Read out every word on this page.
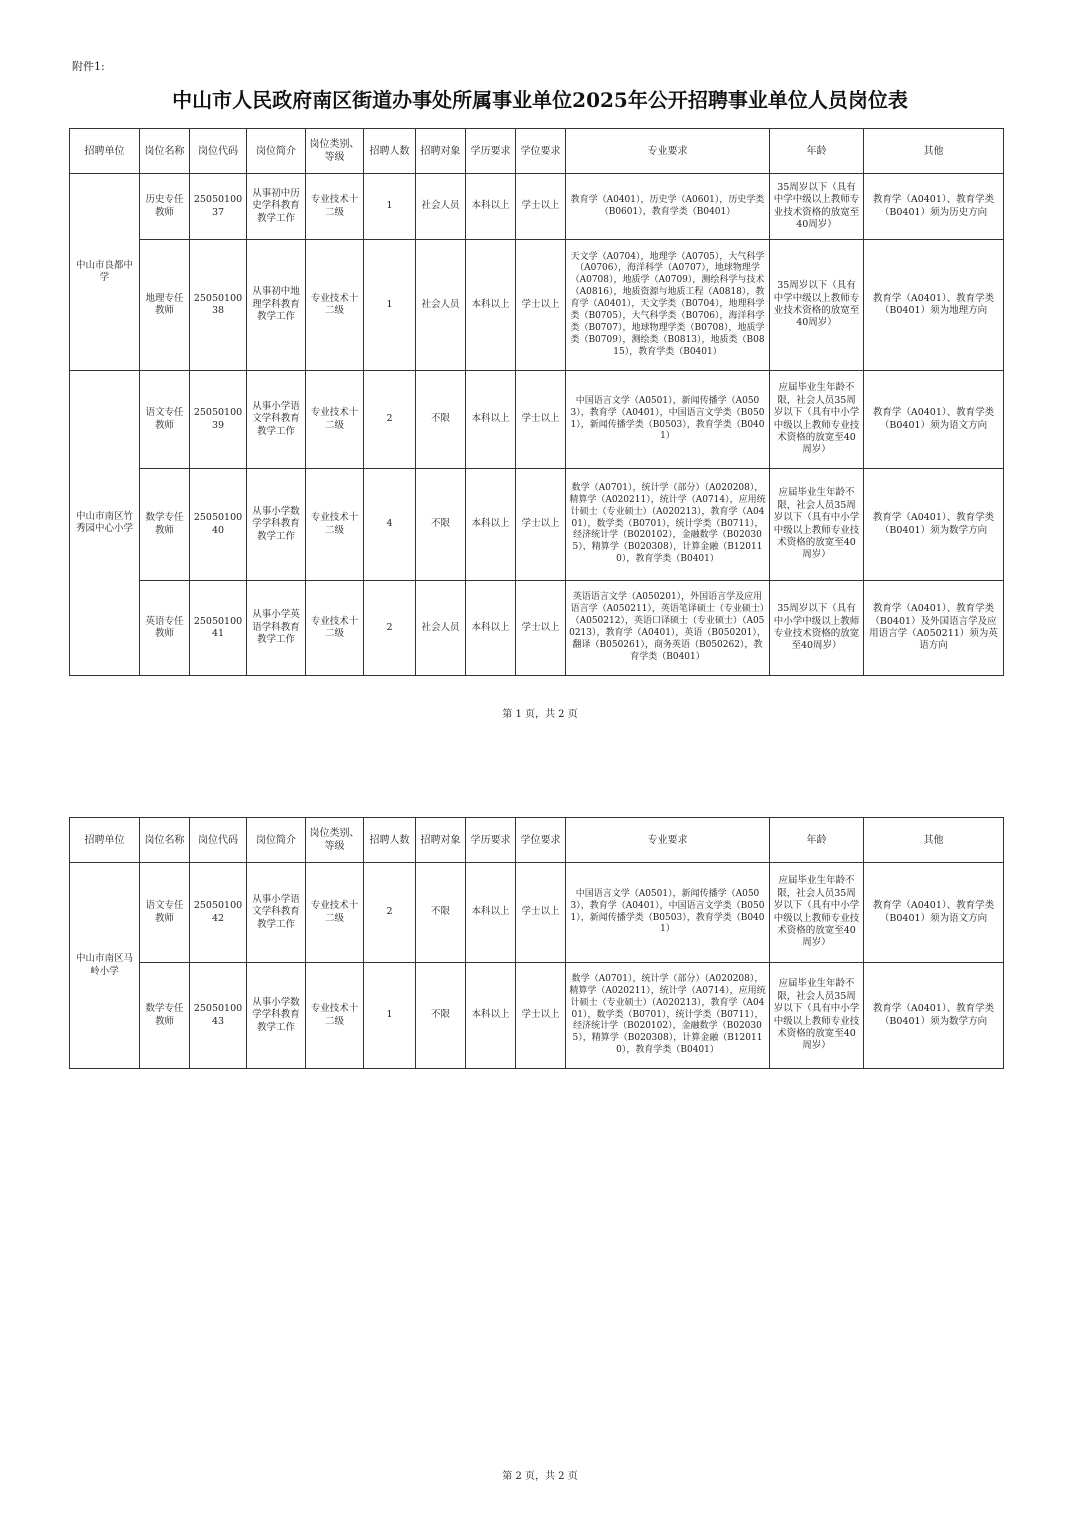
附件1:
中山市人民政府南区街道办事处所属事业单位2025年公开招聘事业单位人员岗位表
招聘单位	岗位名称	岗位代码	岗位简介	岗位类别、等级	招聘人数	招聘对象	学历要求	学位要求	专业要求	年龄	其他
中山市良都中学	历史专任教师	2505010037	从事初中历史学科教育教学工作	专业技术十二级	1	社会人员	本科以上	学士以上	教育学（A0401），历史学（A0601），历史学类（B0601），教育学类（B0401）	35周岁以下（具有中学中级以上教师专业技术资格的放宽至40周岁）	教育学（A0401）、教育学类（B0401）须为历史方向
	地理专任教师	2505010038	从事初中地理学科教育教学工作	专业技术十二级	1	社会人员	本科以上	学士以上	天文学（A0704），地理学（A0705），大气科学（A0706），海洋科学（A0707），地球物理学（A0708），地质学（A0709），测绘科学与技术（A0816），地质资源与地质工程（A0818），教育学（A0401），天文学类（B0704），地理科学类（B0705），大气科学类（B0706），海洋科学类（B0707），地球物理学类（B0708），地质学类（B0709），测绘类（B0813），地质类（B0815），教育学类（B0401）	35周岁以下（具有中学中级以上教师专业技术资格的放宽至40周岁）	教育学（A0401）、教育学类（B0401）须为地理方向
中山市南区竹秀园中心小学	语文专任教师	2505010039	从事小学语文学科教育教学工作	专业技术十二级	2	不限	本科以上	学士以上	中国语言文学（A0501），新闻传播学（A0503），教育学（A0401），中国语言文学类（B0501），新闻传播学类（B0503），教育学类（B0401）	应届毕业生年龄不限，社会人员35周岁以下（具有中小学中级以上教师专业技术资格的放宽至40周岁）	教育学（A0401）、教育学类（B0401）须为语文方向
	数学专任教师	2505010040	从事小学数学学科教育教学工作	专业技术十二级	4	不限	本科以上	学士以上	数学（A0701），统计学（部分）（A020208），精算学（A020211），统计学（A0714），应用统计硕士（专业硕士）（A020213），教育学（A0401），数学类（B0701），统计学类（B0711），经济统计学（B020102），金融数学（B020305），精算学（B020308），计算金融（B120110），教育学类（B0401）	应届毕业生年龄不限，社会人员35周岁以下（具有中小学中级以上教师专业技术资格的放宽至40周岁）	教育学（A0401）、教育学类（B0401）须为数学方向
	英语专任教师	2505010041	从事小学英语学科教育教学工作	专业技术十二级	2	社会人员	本科以上	学士以上	英语语言文学（A050201），外国语言学及应用语言学（A050211），英语笔译硕士（专业硕士）（A050212），英语口译硕士（专业硕士）（A050213），教育学（A0401），英语（B050201），翻译（B050261），商务英语（B050262），教育学类（B0401）	35周岁以下（具有中小学中级以上教师专业技术资格的放宽至40周岁）	教育学（A0401）、教育学类（B0401）及外国语言学及应用语言学（A050211）须为英语方向
第 1 页，共 2 页
招聘单位	岗位名称	岗位代码	岗位简介	岗位类别、等级	招聘人数	招聘对象	学历要求	学位要求	专业要求	年龄	其他
中山市南区马岭小学	语文专任教师	2505010042	从事小学语文学科教育教学工作	专业技术十二级	2	不限	本科以上	学士以上	中国语言文学（A0501），新闻传播学（A0503），教育学（A0401），中国语言文学类（B0501），新闻传播学类（B0503），教育学类（B0401）	应届毕业生年龄不限，社会人员35周岁以下（具有中小学中级以上教师专业技术资格的放宽至40周岁）	教育学（A0401）、教育学类（B0401）须为语文方向
	数学专任教师	2505010043	从事小学数学学科教育教学工作	专业技术十二级	1	不限	本科以上	学士以上	数学（A0701），统计学（部分）（A020208），精算学（A020211），统计学（A0714），应用统计硕士（专业硕士）（A020213），教育学（A0401），数学类（B0701），统计学类（B0711），经济统计学（B020102），金融数学（B020305），精算学（B020308），计算金融（B120110），教育学类（B0401）	应届毕业生年龄不限，社会人员35周岁以下（具有中小学中级以上教师专业技术资格的放宽至40周岁）	教育学（A0401）、教育学类（B0401）须为数学方向
第 2 页，共 2 页
